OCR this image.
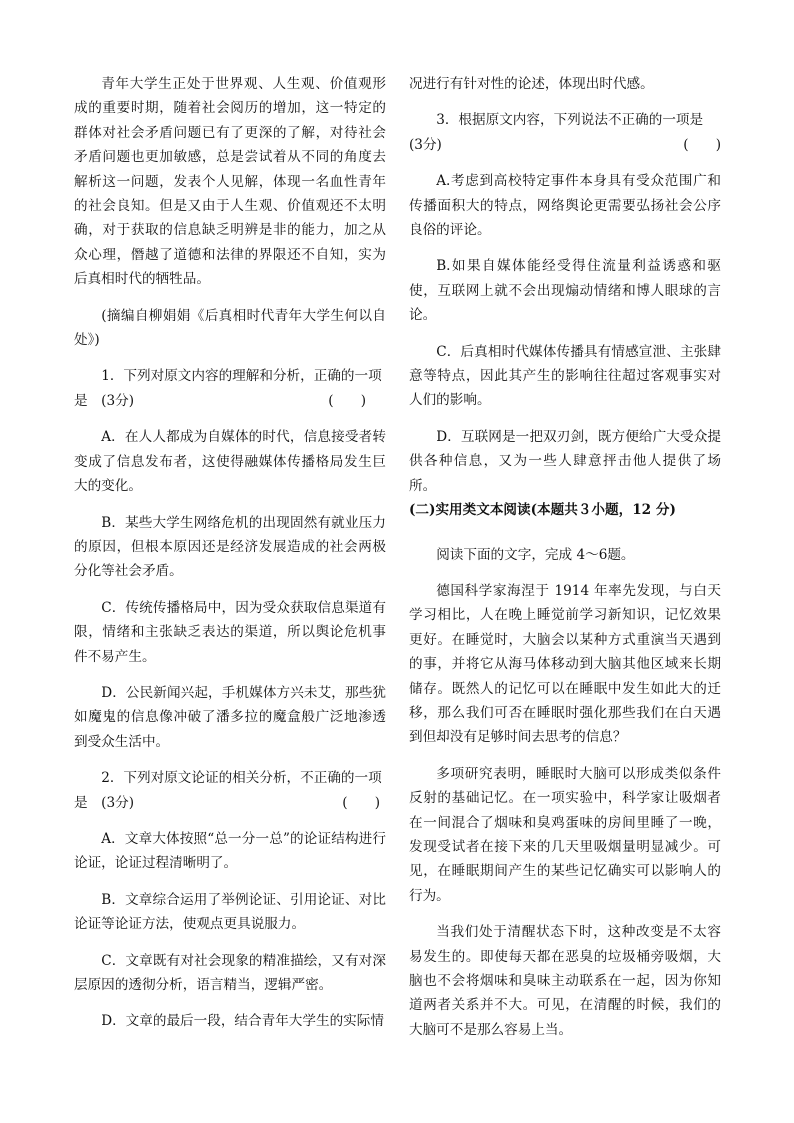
青年大学生正处于世界观、人生观、价值观形成的重要时期，随着社会阅历的增加，这一特定的群体对社会矛盾问题已有了更深的了解，对待社会矛盾问题也更加敏感，总是尝试着从不同的角度去解析这一问题，发表个人见解，体现一名血性青年的社会良知。但是又由于人生观、价值观还不太明确，对于获取的信息缺乏明辨是非的能力，加之从众心理，僭越了道德和法律的界限还不自知，实为后真相时代的牺牲品。

(摘编自柳娟娟《后真相时代青年大学生何以自处》)

1．下列对原文内容的理解和分析，正确的一项

是　(3分)	(　　)

A．在人人都成为自媒体的时代，信息接受者转变成了信息发布者，这使得融媒体传播格局发生巨大的变化。

B．某些大学生网络危机的出现固然有就业压力的原因，但根本原因还是经济发展造成的社会两极分化等社会矛盾。

C．传统传播格局中，因为受众获取信息渠道有限，情绪和主张缺乏表达的渠道，所以舆论危机事件不易产生。

D．公民新闻兴起，手机媒体方兴未艾，那些犹如魔鬼的信息像冲破了潘多拉的魔盒般广泛地渗透到受众生活中。

2．下列对原文论证的相关分析，不正确的一项

是　(3分)	(　　)

A．文章大体按照“总一分一总”的论证结构进行论证，论证过程清晰明了。

B．文章综合运用了举例论证、引用论证、对比论证等论证方法，使观点更具说服力。

C．文章既有对社会现象的精准描绘，又有对深层原因的透彻分析，语言精当，逻辑严密。

D．文章的最后一段，结合青年大学生的实际情

况进行有针对性的论述，体现出时代感。

3．根据原文内容，下列说法不正确的一项是

(3分)	(　　)

A.考虑到高校特定事件本身具有受众范围广和传播面积大的特点，网络舆论更需要弘扬社会公序良俗的评论。

B.如果自媒体能经受得住流量利益诱惑和驱使，互联网上就不会出现煽动情绪和博人眼球的言论。

C．后真相时代媒体传播具有情感宣泄、主张肆意等特点，因此其产生的影响往往超过客观事实对人们的影响。

D．互联网是一把双刃剑，既方便给广大受众提供各种信息，又为一些人肆意抨击他人提供了场所。

(二)实用类文本阅读(本题共３小题，12 分)

阅读下面的文字，完成 4～6题。

德国科学家海涅于 1914 年率先发现，与白天学习相比，人在晚上睡觉前学习新知识，记忆效果更好。在睡觉时，大脑会以某种方式重演当天遇到的事，并将它从海马体移动到大脑其他区域来长期储存。既然人的记忆可以在睡眠中发生如此大的迁移，那么我们可否在睡眠时强化那些我们在白天遇到但却没有足够时间去思考的信息？

多项研究表明，睡眠时大脑可以形成类似条件反射的基础记忆。在一项实验中，科学家让吸烟者在一间混合了烟味和臭鸡蛋味的房间里睡了一晚，发现受试者在接下来的几天里吸烟量明显减少。可见，在睡眠期间产生的某些记忆确实可以影响人的行为。

当我们处于清醒状态下时，这种改变是不太容易发生的。即使每天都在恶臭的垃圾桶旁吸烟，大脑也不会将烟味和臭味主动联系在一起，因为你知道两者关系并不大。可见，在清醒的时候，我们的大脑可不是那么容易上当。
